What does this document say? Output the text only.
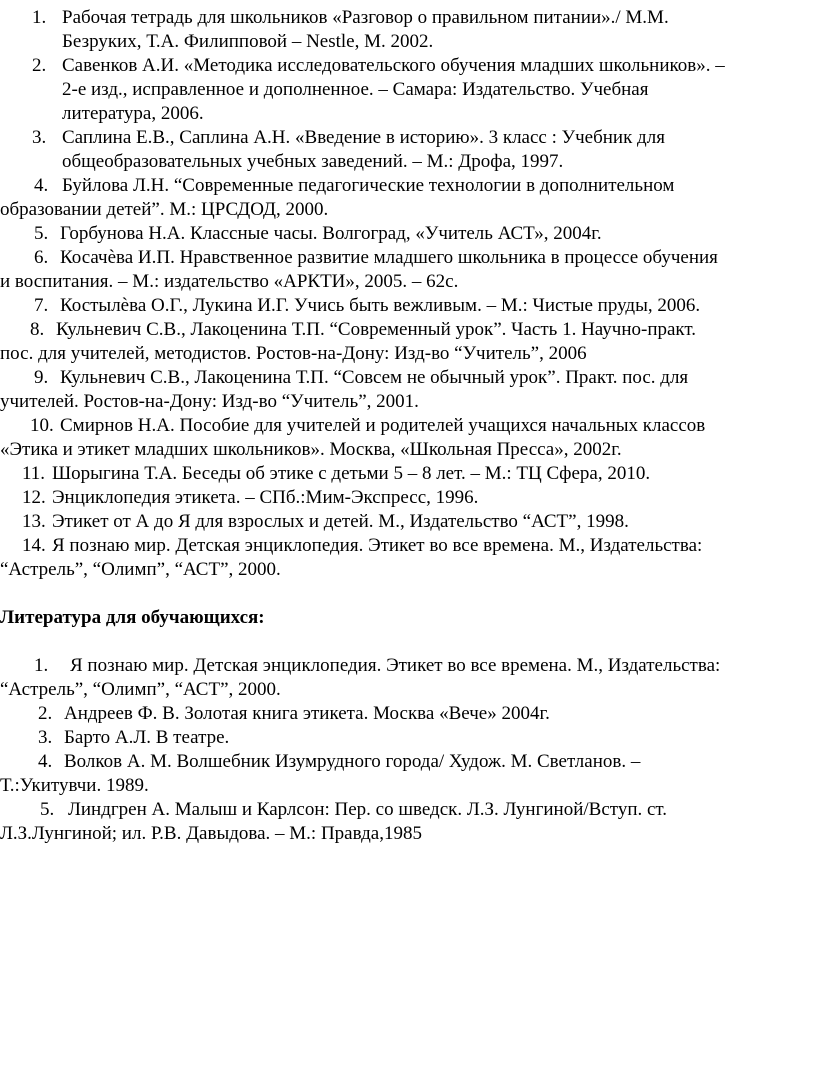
1. Рабочая тетрадь для школьников «Разговор о правильном питании»./ М.М.
Безруких, Т.А. Филипповой – Nestle, М. 2002.
2. Савенков А.И. «Методика исследовательского обучения младших школьников». –
2-е изд., исправленное и дополненное. – Самара: Издательство. Учебная
литература, 2006.
3. Саплина Е.В., Саплина А.Н. «Введение в историю». 3 класс : Учебник для
общеобразовательных учебных заведений. – М.: Дрофа, 1997.
4. Буйлова Л.Н. “Современные педагогические технологии в дополнительном
образовании детей”. М.: ЦРСДОД, 2000.
5. Горбунова Н.А. Классные часы. Волгоград, «Учитель АСТ», 2004г.
6. Косачѐва И.П. Нравственное развитие младшего школьника в процессе обучения
и воспитания. – М.: издательство «АРКТИ», 2005. – 62с.
7. Костылѐва О.Г., Лукина И.Г. Учись быть вежливым. – М.: Чистые пруды, 2006.
8. Кульневич С.В., Лакоценина Т.П. “Современный урок”. Часть 1. Научно-практ.
пос. для учителей, методистов. Ростов-на-Дону: Изд-во “Учитель”, 2006
9. Кульневич С.В., Лакоценина Т.П. “Совсем не обычный урок”. Практ. пос. для
учителей. Ростов-на-Дону: Изд-во “Учитель”, 2001.
10. Смирнов Н.А. Пособие для учителей и родителей учащихся начальных классов
«Этика и этикет младших школьников». Москва, «Школьная Пресса», 2002г.
11. Шорыгина Т.А. Беседы об этике с детьми 5 – 8 лет. – М.: ТЦ Сфера, 2010.
12. Энциклопедия этикета. – СПб.:Мим-Экспресс, 1996.
13. Этикет от А до Я для взрослых и детей. М., Издательство “АСТ”, 1998.
14. Я познаю мир. Детская энциклопедия. Этикет во все времена. М., Издательства:
“Астрель”, “Олимп”, “АСТ”, 2000.
Литература для обучающихся:
1. Я познаю мир. Детская энциклопедия. Этикет во все времена. М., Издательства:
“Астрель”, “Олимп”, “АСТ”, 2000.
2. Андреев Ф. В. Золотая книга этикета. Москва «Вече» 2004г.
3. Барто А.Л. В театре.
4. Волков А. М. Волшебник Изумрудного города/ Худож. М. Светланов. –
Т.:Укитувчи. 1989.
5. Линдгрен А. Малыш и Карлсон: Пер. со шведск. Л.З. Лунгиной/Вступ. ст.
Л.З.Лунгиной; ил. Р.В. Давыдова. – М.: Правда,1985
